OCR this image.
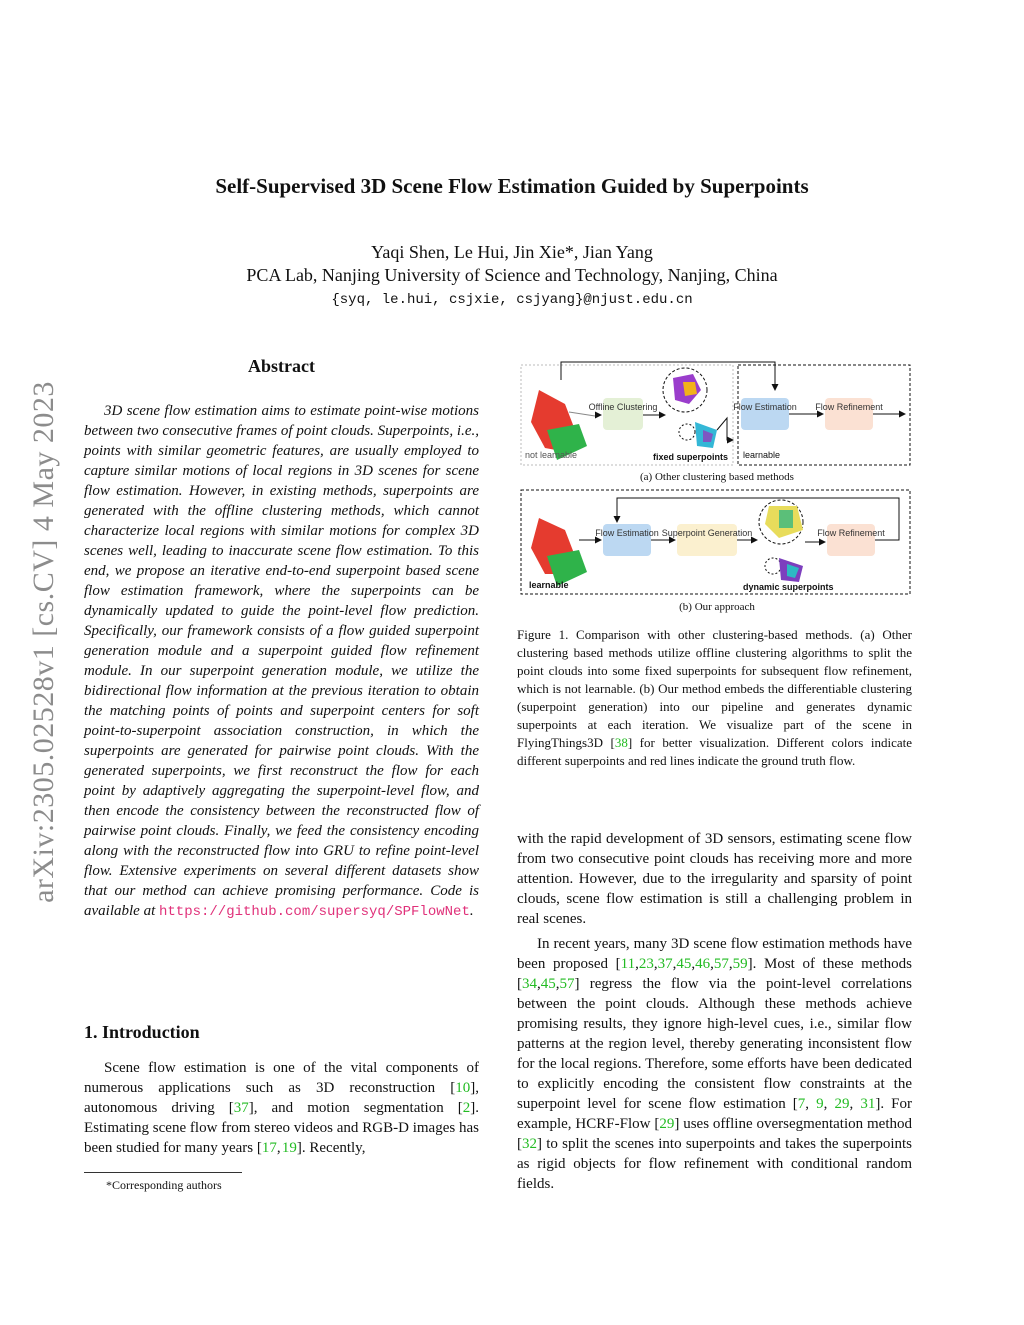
arXiv:2305.02528v1 [cs.CV] 4 May 2023
Self-Supervised 3D Scene Flow Estimation Guided by Superpoints
Yaqi Shen, Le Hui, Jin Xie*, Jian Yang
PCA Lab, Nanjing University of Science and Technology, Nanjing, China
{syq, le.hui, csjxie, csjyang}@njust.edu.cn
Abstract

3D scene flow estimation aims to estimate point-wise motions between two consecutive frames of point clouds. Superpoints, i.e., points with similar geometric features, are usually employed to capture similar motions of local regions in 3D scenes for scene flow estimation. However, in existing methods, superpoints are generated with the offline clustering methods, which cannot characterize local regions with similar motions for complex 3D scenes well, leading to inaccurate scene flow estimation. To this end, we propose an iterative end-to-end superpoint based scene flow estimation framework, where the superpoints can be dynamically updated to guide the point-level flow prediction. Specifically, our framework consists of a flow guided superpoint generation module and a superpoint guided flow refinement module. In our superpoint generation module, we utilize the bidirectional flow information at the previous iteration to obtain the matching points of points and superpoint centers for soft point-to-superpoint association construction, in which the superpoints are generated for pairwise point clouds. With the generated superpoints, we first reconstruct the flow for each point by adaptively aggregating the superpoint-level flow, and then encode the consistency between the reconstructed flow of pairwise point clouds. Finally, we feed the consistency encoding along with the reconstructed flow into GRU to refine point-level flow. Extensive experiments on several different datasets show that our method can achieve promising performance. Code is available at https://github.com/supersyq/SPFlowNet.

1. Introduction

Scene flow estimation is one of the vital components of numerous applications such as 3D reconstruction [10], autonomous driving [37], and motion segmentation [2]. Estimating scene flow from stereo videos and RGB-D images has been studied for many years [17, 19]. Recently,

*Corresponding authors
Offline Clustering	Flow Estimation Flow Refinement
not learnable	fixed superpoints learnable
(a) Other clustering based methods
Flow Estimation Superpoint Generation	Flow Refinement
learnable	dynamic superpoints
(b) Our approach

Figure 1. Comparison with other clustering-based methods. (a) Other clustering based methods utilize offline clustering algorithms to split the point clouds into some fixed superpoints for subsequent flow refinement, which is not learnable. (b) Our method embeds the differentiable clustering (superpoint generation) into our pipeline and generates dynamic superpoints at each iteration. We visualize part of the scene in FlyingThings3D [38] for better visualization. Different colors indicate different superpoints and red lines indicate the ground truth flow.

with the rapid development of 3D sensors, estimating scene flow from two consecutive point clouds has receiving more and more attention. However, due to the irregularity and sparsity of point clouds, scene flow estimation is still a challenging problem in real scenes.

In recent years, many 3D scene flow estimation methods have been proposed [11,23,37,45,46,57,59]. Most of these methods [34,45,57] regress the flow via the point-level correlations between the point clouds. Although these methods achieve promising results, they ignore high-level cues, i.e., similar flow patterns at the region level, thereby generating inconsistent flow for the local regions. Therefore, some efforts have been dedicated to explicitly encoding the consistent flow constraints at the superpoint level for scene flow estimation [7, 9, 29, 31]. For example, HCRF-Flow [29] uses offline oversegmentation method [32] to split the scenes into superpoints and takes the superpoints as rigid objects for flow refinement with conditional random fields.
